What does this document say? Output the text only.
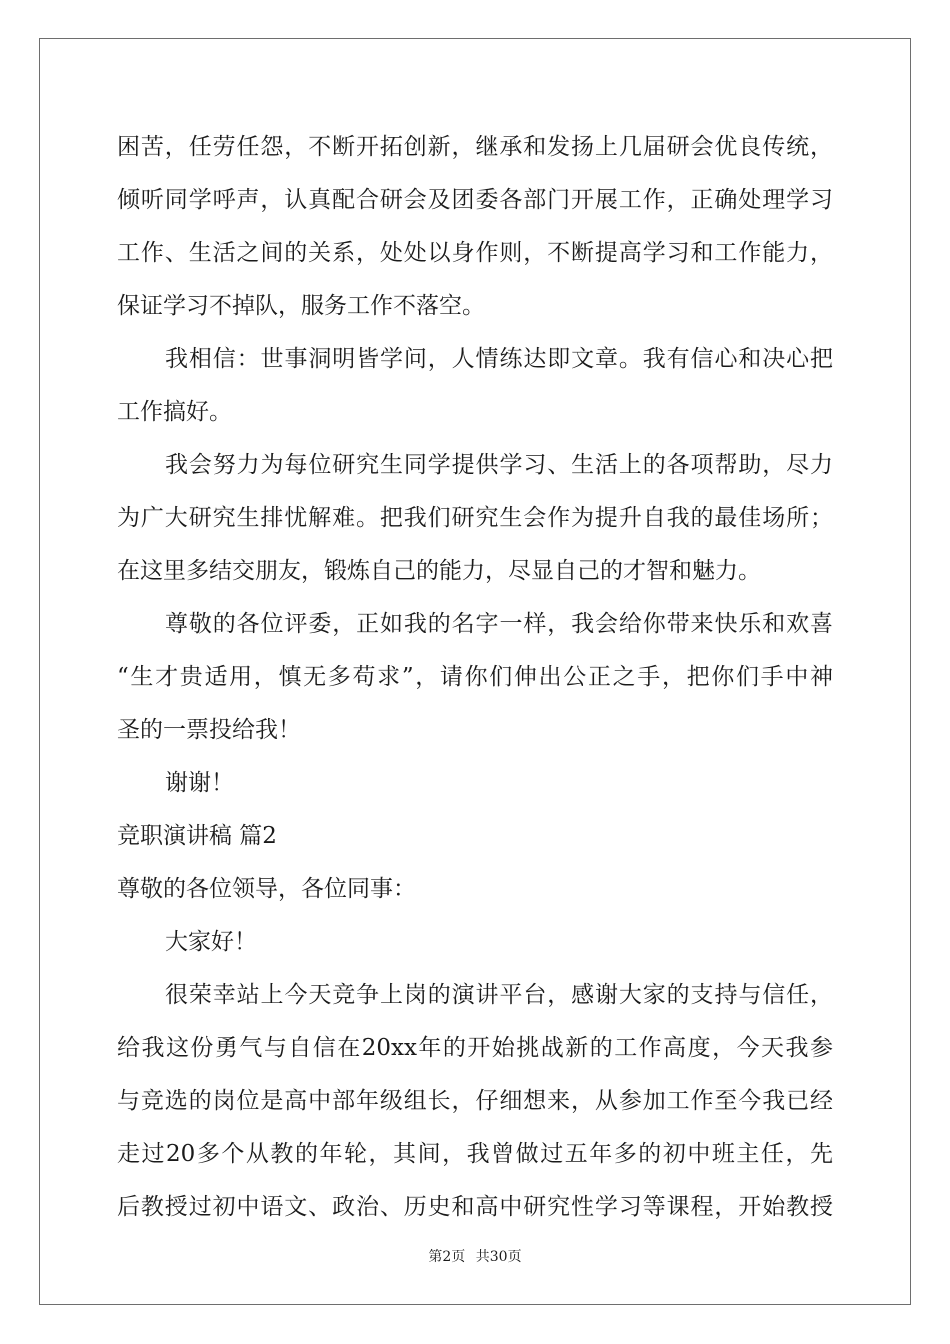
困苦，任劳任怨，不断开拓创新，继承和发扬上几届研会优良传统，
倾听同学呼声，认真配合研会及团委各部门开展工作，正确处理学习
工作、生活之间的关系，处处以身作则，不断提高学习和工作能力，
保证学习不掉队，服务工作不落空。
我相信：世事洞明皆学问，人情练达即文章。我有信心和决心把
工作搞好。
我会努力为每位研究生同学提供学习、生活上的各项帮助，尽力
为广大研究生排忧解难。把我们研究生会作为提升自我的最佳场所；
在这里多结交朋友，锻炼自己的能力，尽显自己的才智和魅力。
尊敬的各位评委，正如我的名字一样，我会给你带来快乐和欢喜
“生才贵适用，慎无多苟求”，请你们伸出公正之手，把你们手中神
圣的一票投给我！
谢谢！
竞职演讲稿 篇2
尊敬的各位领导，各位同事：
大家好！
很荣幸站上今天竞争上岗的演讲平台，感谢大家的支持与信任，
给我这份勇气与自信在20xx年的开始挑战新的工作高度，今天我参
与竞选的岗位是高中部年级组长，仔细想来，从参加工作至今我已经
走过20多个从教的年轮，其间，我曾做过五年多的初中班主任，先
后教授过初中语文、政治、历史和高中研究性学习等课程，开始教授
第2页 共30页
